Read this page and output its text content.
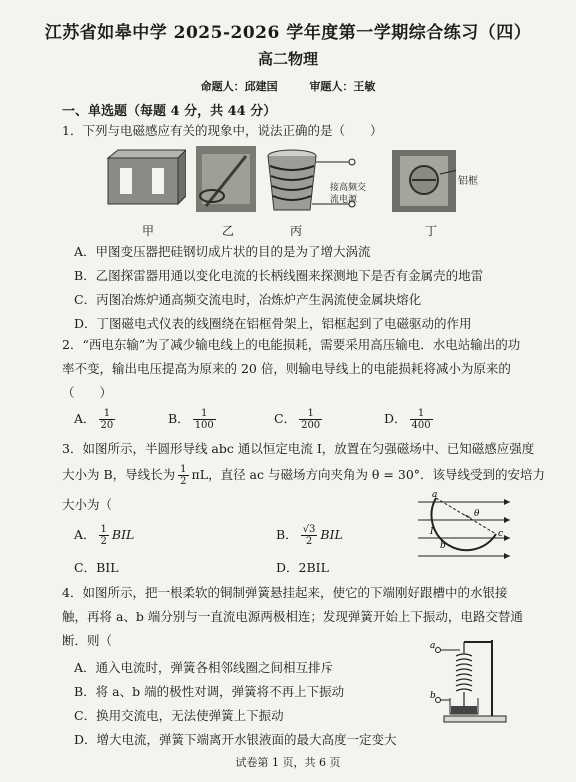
江苏省如皋中学 2025-2026 学年度第一学期综合练习（四）
高二物理
命题人：邱建国	审题人：王敏
一、单选题（每题 4 分，共 44 分）
1．下列与电磁感应有关的现象中，说法正确的是（　　）
接高频交
流电源
铝框
甲	乙	丙	丁
A．甲图变压器把硅钢切成片状的目的是为了增大涡流
B．乙图探雷器用通以变化电流的长柄线圈来探测地下是否有金属壳的地雷
C．丙图冶炼炉通高频交流电时，冶炼炉产生涡流使金属块熔化
D．丁图磁电式仪表的线圈绕在铝框骨架上，铝框起到了电磁驱动的作用
2．“西电东输”为了减少输电线上的电能损耗，需要采用高压输电．水电站输出的功
率不变，输出电压提高为原来的 20 倍，则输电导线上的电能损耗将减小为原来的
（　　）
A． $\frac{1}{20}$	B． $\frac{1}{100}$	C． $\frac{1}{200}$	D． $\frac{1}{400}$
3．如图所示，半圆形导线 abc 通以恒定电流 I，放置在匀强磁场中、已知磁感应强度
大小为 B，导线长为 $\frac{1}{2}$ πL，直径 ac 与磁场方向夹角为 θ = 30°．该导线受到的安培力
大小为（
A． $\frac{1}{2}$ BIL	B． $\frac{√3}{2}$ BIL
C．BIL	D．2BIL
a
c
b
I
θ
4．如图所示，把一根柔软的铜制弹簧悬挂起来，使它的下端刚好跟槽中的水银接
触，再将 a、b 端分别与一直流电源两极相连；发现弹簧开始上下振动，电路交替通
断．则（
A．通入电流时，弹簧各相邻线圈之间相互排斥
B．将 a、b 端的极性对调，弹簧将不再上下振动
C．换用交流电，无法使弹簧上下振动
D．增大电流，弹簧下端离开水银液面的最大高度一定变大
a
b
试卷第 1 页，共 6 页
